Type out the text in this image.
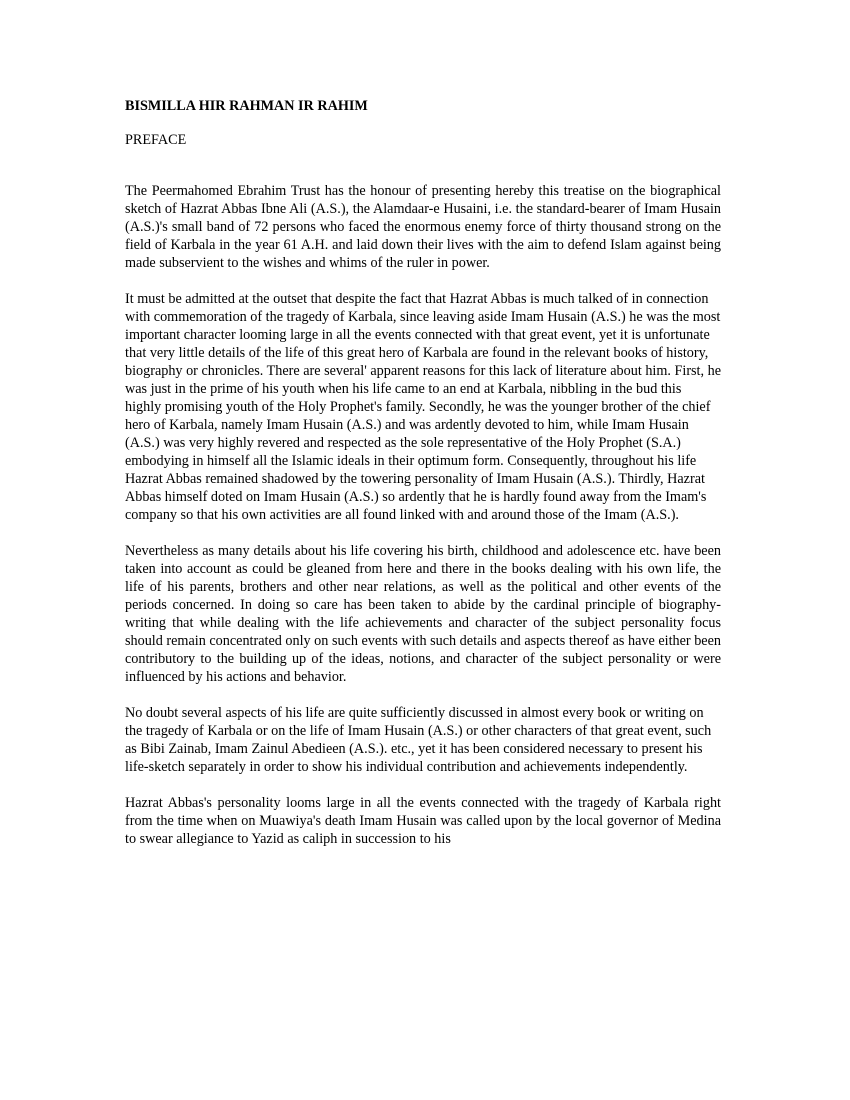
BISMILLA HIR RAHMAN IR RAHIM

PREFACE

The Peermahomed Ebrahim Trust has the honour of presenting hereby this treatise on the biographical sketch of Hazrat Abbas Ibne Ali (A.S.), the Alamdaar-e Husaini, i.e. the standard-bearer of Imam Husain (A.S.)'s small band of 72 persons who faced the enormous enemy force of thirty thousand strong on the field of Karbala in the year 61 A.H. and laid down their lives with the aim to defend Islam against being made subservient to the wishes and whims of the ruler in power.

It must be admitted at the outset that despite the fact that Hazrat Abbas is much talked of in connection with commemoration of the tragedy of Karbala, since leaving aside Imam Husain (A.S.) he was the most important character looming large in all the events connected with that great event, yet it is unfortunate that very little details of the life of this great hero of Karbala are found in the relevant books of history, biography or chronicles. There are several' apparent reasons for this lack of literature about him. First, he was just in the prime of his youth when his life came to an end at Karbala, nibbling in the bud this highly promising youth of the Holy Prophet's family. Secondly, he was the younger brother of the chief hero of Karbala, namely Imam Husain (A.S.) and was ardently devoted to him, while Imam Husain (A.S.) was very highly revered and respected as the sole representative of the Holy Prophet (S.A.) embodying in himself all the Islamic ideals in their optimum form. Consequently, throughout his life Hazrat Abbas remained shadowed by the towering personality of Imam Husain (A.S.). Thirdly, Hazrat Abbas himself doted on Imam Husain (A.S.) so ardently that he is hardly found away from the Imam's company so that his own activities are all found linked with and around those of the Imam (A.S.).

Nevertheless as many details about his life covering his birth, childhood and adolescence etc. have been taken into account as could be gleaned from here and there in the books dealing with his own life, the life of his parents, brothers and other near relations, as well as the political and other events of the periods concerned. In doing so care has been taken to abide by the cardinal principle of biography-writing that while dealing with the life achievements and character of the subject personality focus should remain concentrated only on such events with such details and aspects thereof as have either been contributory to the building up of the ideas, notions, and character of the subject personality or were influenced by his actions and behavior.

No doubt several aspects of his life are quite sufficiently discussed in almost every book or writing on the tragedy of Karbala or on the life of Imam Husain (A.S.) or other characters of that great event, such as Bibi Zainab, Imam Zainul Abedieen (A.S.). etc., yet it has been considered necessary to present his life-sketch separately in order to show his individual contribution and achievements independently.

Hazrat Abbas's personality looms large in all the events connected with the tragedy of Karbala right from the time when on Muawiya's death Imam Husain was called upon by the local governor of Medina to swear allegiance to Yazid as caliph in succession to his
